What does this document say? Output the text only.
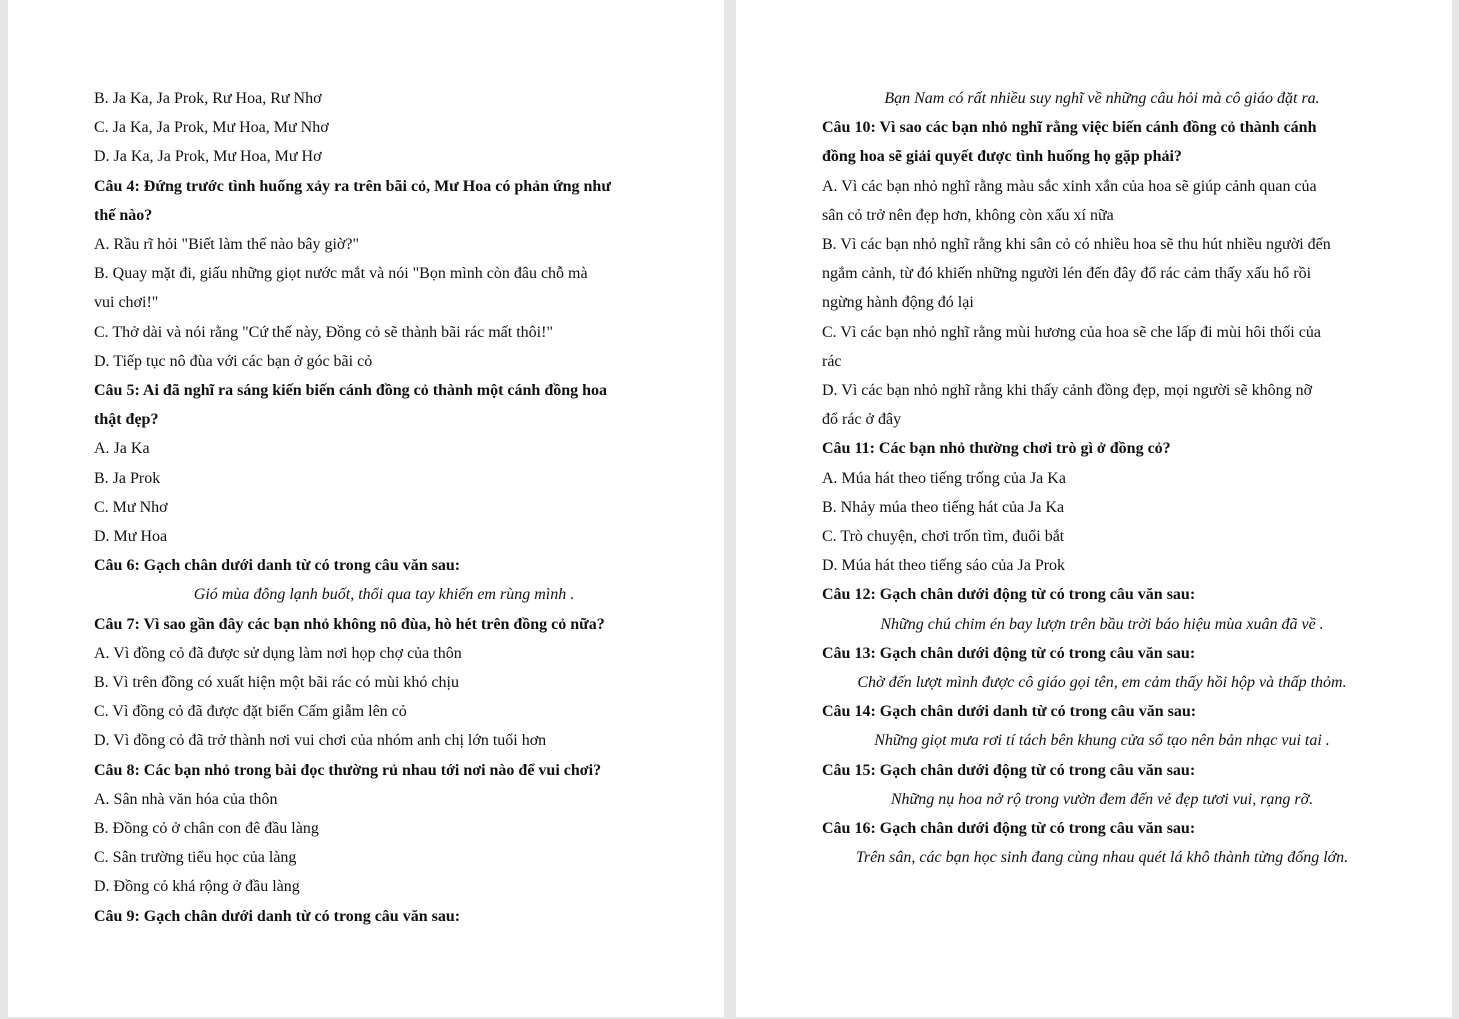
B. Ja Ka, Ja Prok, Rư Hoa, Rư Nhơ
C. Ja Ka, Ja Prok, Mư Hoa, Mư Nhơ
D. Ja Ka, Ja Prok, Mư Hoa, Mư Hơ
Câu 4: Đứng trước tình huống xảy ra trên bãi cỏ, Mư Hoa có phản ứng như
thế nào?
A. Rầu rĩ hỏi "Biết làm thế nào bây giờ?"
B. Quay mặt đi, giấu những giọt nước mắt và nói "Bọn mình còn đâu chỗ mà
vui chơi!"
C. Thở dài và nói rằng "Cứ thế này, Đồng cỏ sẽ thành bãi rác mất thôi!"
D. Tiếp tục nô đùa với các bạn ở góc bãi cỏ
Câu 5: Ai đã nghĩ ra sáng kiến biến cánh đồng cỏ thành một cánh đồng hoa
thật đẹp?
A. Ja Ka
B. Ja Prok
C. Mư Nhơ
D. Mư Hoa
Câu 6: Gạch chân dưới danh từ có trong câu văn sau:
Gió mùa đông lạnh buốt, thổi qua tay khiến em rùng mình .
Câu 7: Vì sao gần đây các bạn nhỏ không nô đùa, hò hét trên đồng cỏ nữa?
A. Vì đồng cỏ đã được sử dụng làm nơi họp chợ của thôn
B. Vì trên đồng có xuất hiện một bãi rác có mùi khó chịu
C. Vì đồng cỏ đã được đặt biển Cấm giẫm lên cỏ
D. Vì đồng cỏ đã trở thành nơi vui chơi của nhóm anh chị lớn tuổi hơn
Câu 8: Các bạn nhỏ trong bài đọc thường rủ nhau tới nơi nào để vui chơi?
A. Sân nhà văn hóa của thôn
B. Đồng cỏ ở chân con đê đầu làng
C. Sân trường tiểu học của làng
D. Đồng cỏ khá rộng ở đầu làng
Câu 9: Gạch chân dưới danh từ có trong câu văn sau:
Bạn Nam có rất nhiều suy nghĩ về những câu hỏi mà cô giáo đặt ra.
Câu 10: Vì sao các bạn nhỏ nghĩ rằng việc biến cánh đồng cỏ thành cánh
đồng hoa sẽ giải quyết được tình huống họ gặp phải?
A. Vì các bạn nhỏ nghĩ rằng màu sắc xinh xắn của hoa sẽ giúp cảnh quan của
sân cỏ trở nên đẹp hơn, không còn xấu xí nữa
B. Vì các bạn nhỏ nghĩ rằng khi sân cỏ có nhiều hoa sẽ thu hút nhiều người đến
ngắm cảnh, từ đó khiến những người lén đến đây đổ rác cảm thấy xấu hổ rồi
ngừng hành động đó lại
C. Vì các bạn nhỏ nghĩ rằng mùi hương của hoa sẽ che lấp đi mùi hôi thối của
rác
D. Vì các bạn nhỏ nghĩ rằng khi thấy cảnh đồng đẹp, mọi người sẽ không nỡ
đổ rác ở đây
Câu 11: Các bạn nhỏ thường chơi trò gì ở đồng cỏ?
A. Múa hát theo tiếng trống của Ja Ka
B. Nhảy múa theo tiếng hát của Ja Ka
C. Trò chuyện, chơi trốn tìm, đuổi bắt
D. Múa hát theo tiếng sáo của Ja Prok
Câu 12: Gạch chân dưới động từ có trong câu văn sau:
Những chú chim én bay lượn trên bầu trời báo hiệu mùa xuân đã về .
Câu 13: Gạch chân dưới động từ có trong câu văn sau:
Chờ đến lượt mình được cô giáo gọi tên, em cảm thấy hồi hộp và thấp thỏm.
Câu 14: Gạch chân dưới danh từ có trong câu văn sau:
Những giọt mưa rơi tí tách bên khung cửa sổ tạo nên bản nhạc vui tai .
Câu 15: Gạch chân dưới động từ có trong câu văn sau:
Những nụ hoa nở rộ trong vườn đem đến vẻ đẹp tươi vui, rạng rỡ.
Câu 16: Gạch chân dưới động từ có trong câu văn sau:
Trên sân, các bạn học sinh đang cùng nhau quét lá khô thành từng đống lớn.
